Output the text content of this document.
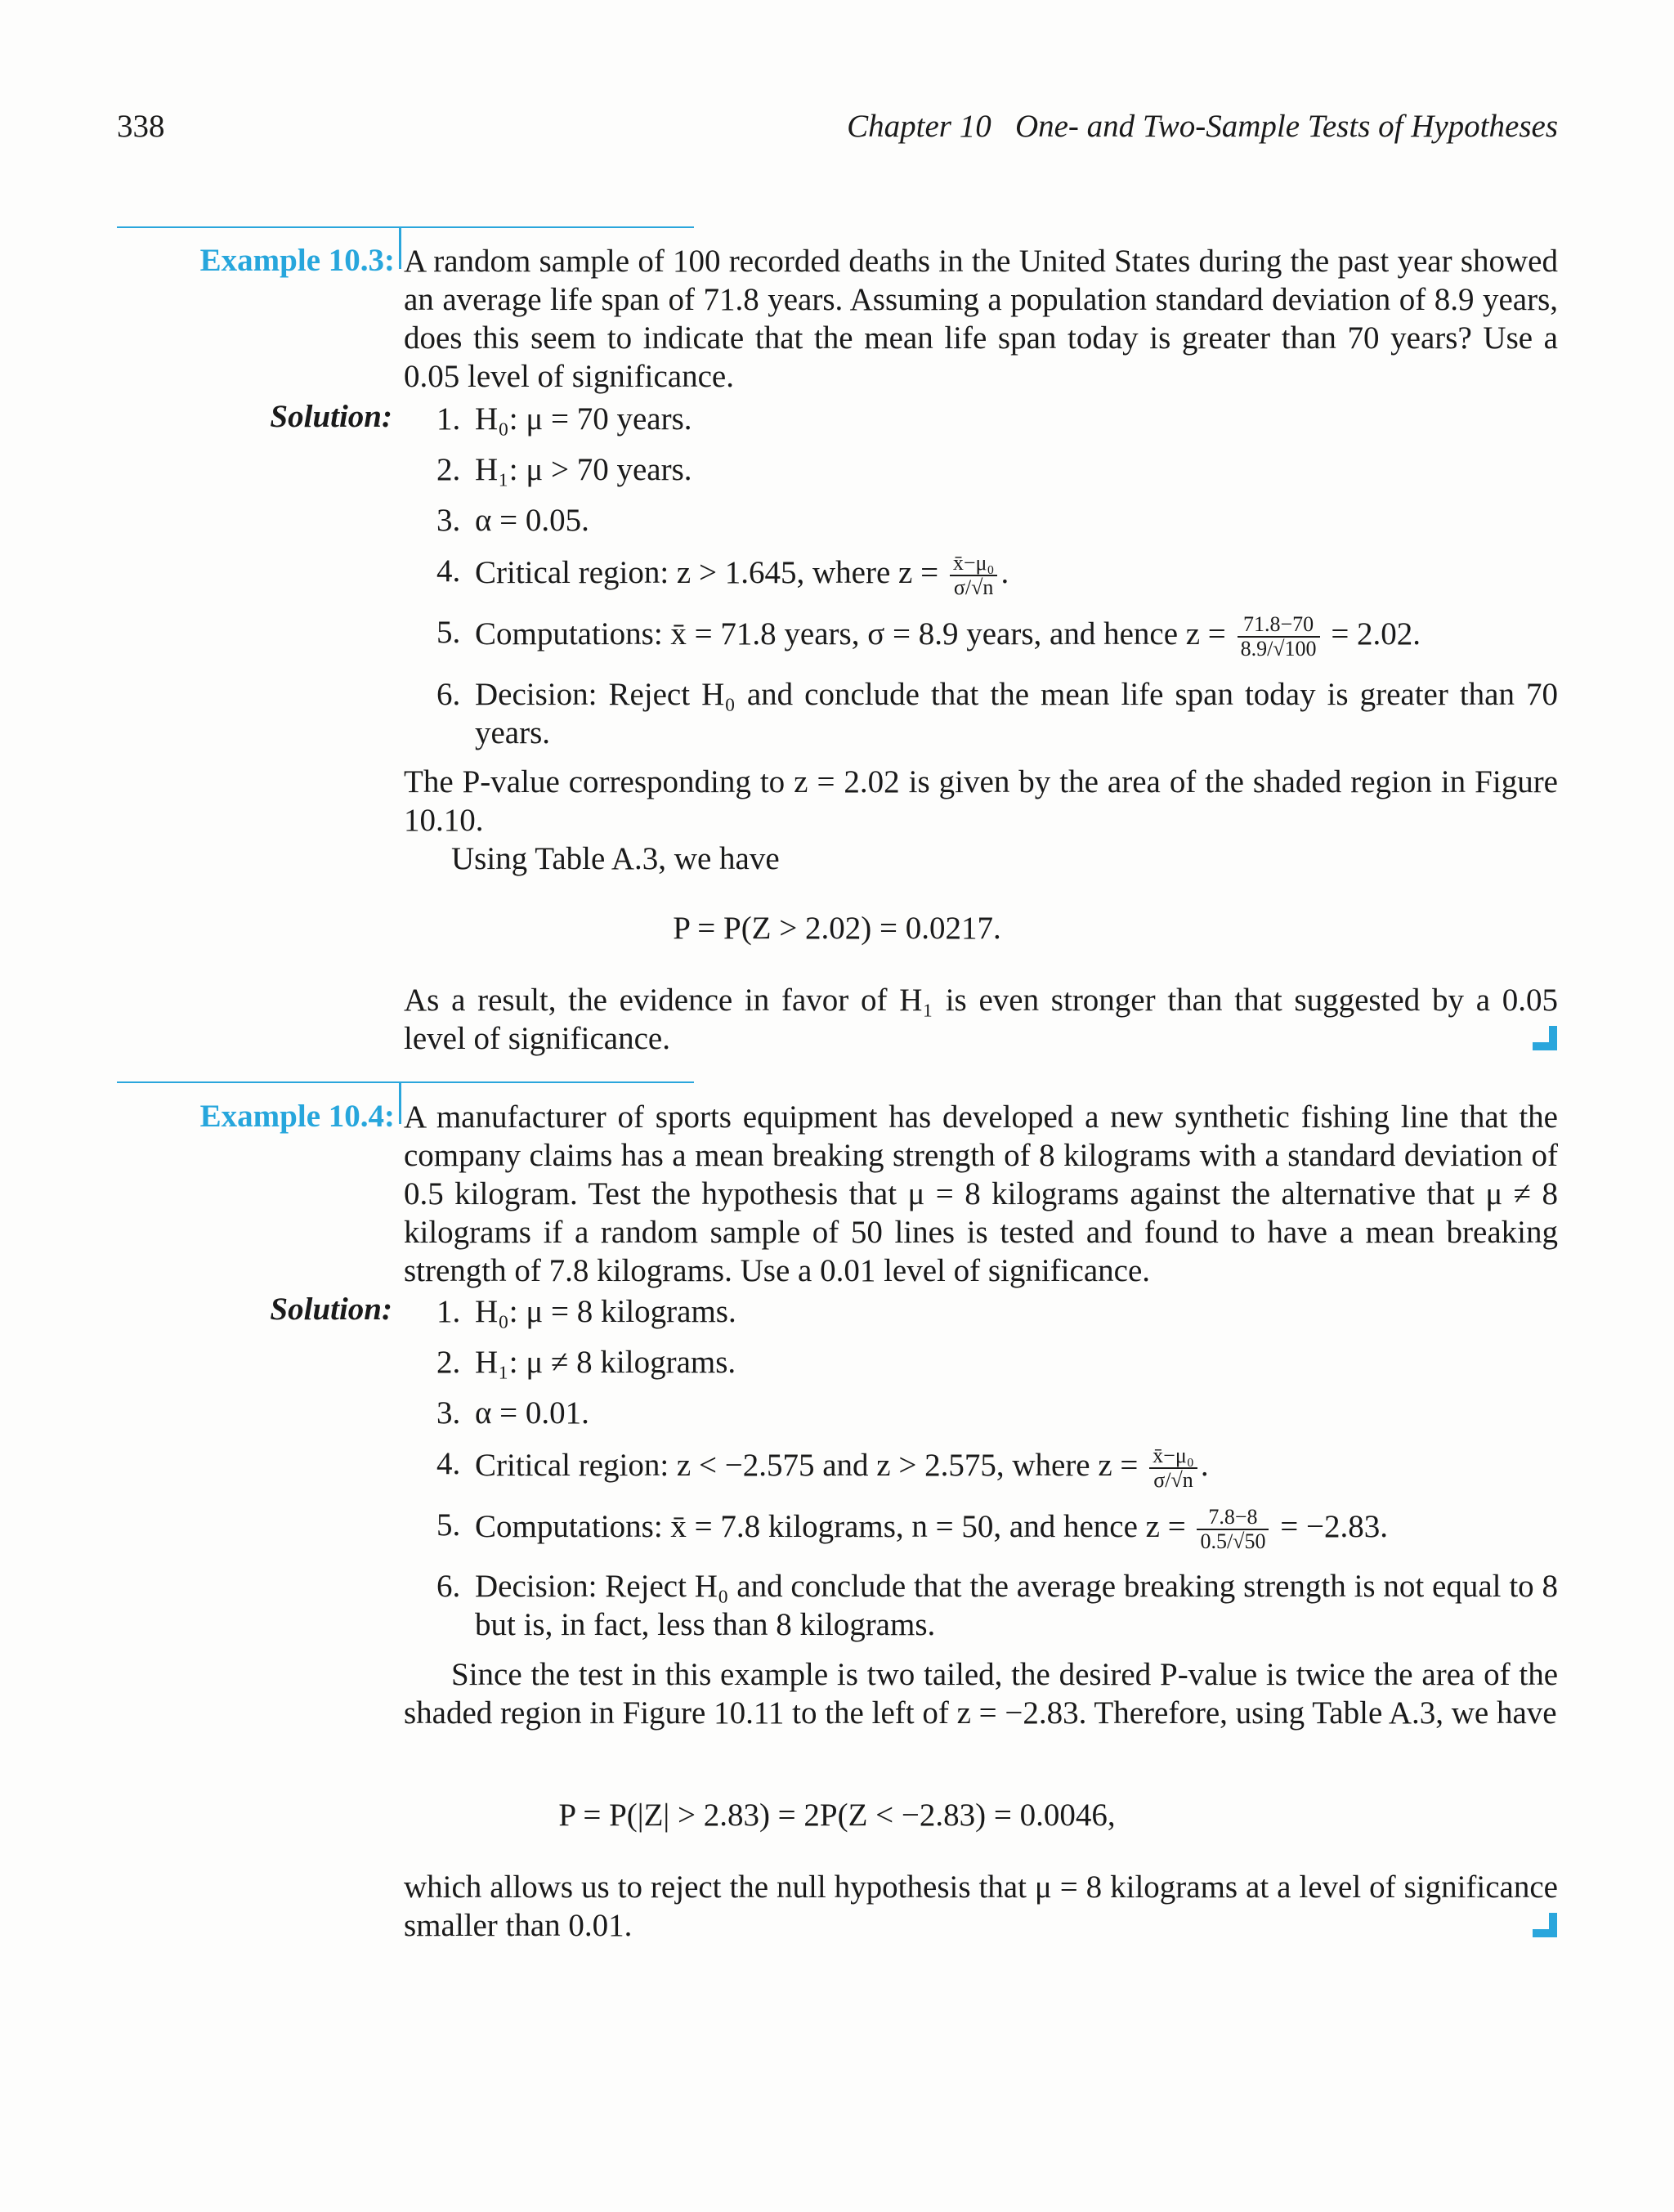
338	Chapter 10   One- and Two-Sample Tests of Hypotheses
Example 10.3: A random sample of 100 recorded deaths in the United States during the past year showed an average life span of 71.8 years. Assuming a population standard deviation of 8.9 years, does this seem to indicate that the mean life span today is greater than 70 years? Use a 0.05 level of significance.
Solution: 1. H₀: μ = 70 years.
2. H₁: μ > 70 years.
3. α = 0.05.
4. Critical region: z > 1.645, where $z = \frac{\text{x̄−μ₀}}{\sigma/√n}$ .
5. Computations: x̄ = 71.8 years, σ = 8.9 years, and hence $z = \frac{71.8-70}{8.9/√100} = 2.02$.
6. Decision: Reject H₀ and conclude that the mean life span today is greater than 70 years.
The P-value corresponding to z = 2.02 is given by the area of the shaded region in Figure 10.10.
Using Table A.3, we have
P = P(Z > 2.02) = 0.0217.
As a result, the evidence in favor of H₁ is even stronger than that suggested by a 0.05 level of significance.
Example 10.4: A manufacturer of sports equipment has developed a new synthetic fishing line that the company claims has a mean breaking strength of 8 kilograms with a standard deviation of 0.5 kilogram. Test the hypothesis that μ = 8 kilograms against the alternative that μ ≠ 8 kilograms if a random sample of 50 lines is tested and found to have a mean breaking strength of 7.8 kilograms. Use a 0.01 level of significance.
Solution: 1. H₀: μ = 8 kilograms.
2. H₁: μ ≠ 8 kilograms.
3. α = 0.01.
4. Critical region: z < −2.575 and z > 2.575, where $z = \frac{\text{x̄−μ₀}}{\sigma/√n}$ .
5. Computations: x̄ = 7.8 kilograms, n = 50, and hence $z = \frac{7.8-8}{0.5/√50} = -2.83$.
6. Decision: Reject H₀ and conclude that the average breaking strength is not equal to 8 but is, in fact, less than 8 kilograms.
Since the test in this example is two tailed, the desired P-value is twice the area of the shaded region in Figure 10.11 to the left of z = −2.83. Therefore, using Table A.3, we have
P = P(|Z| > 2.83) = 2P(Z < −2.83) = 0.0046,
which allows us to reject the null hypothesis that μ = 8 kilograms at a level of significance smaller than 0.01.
